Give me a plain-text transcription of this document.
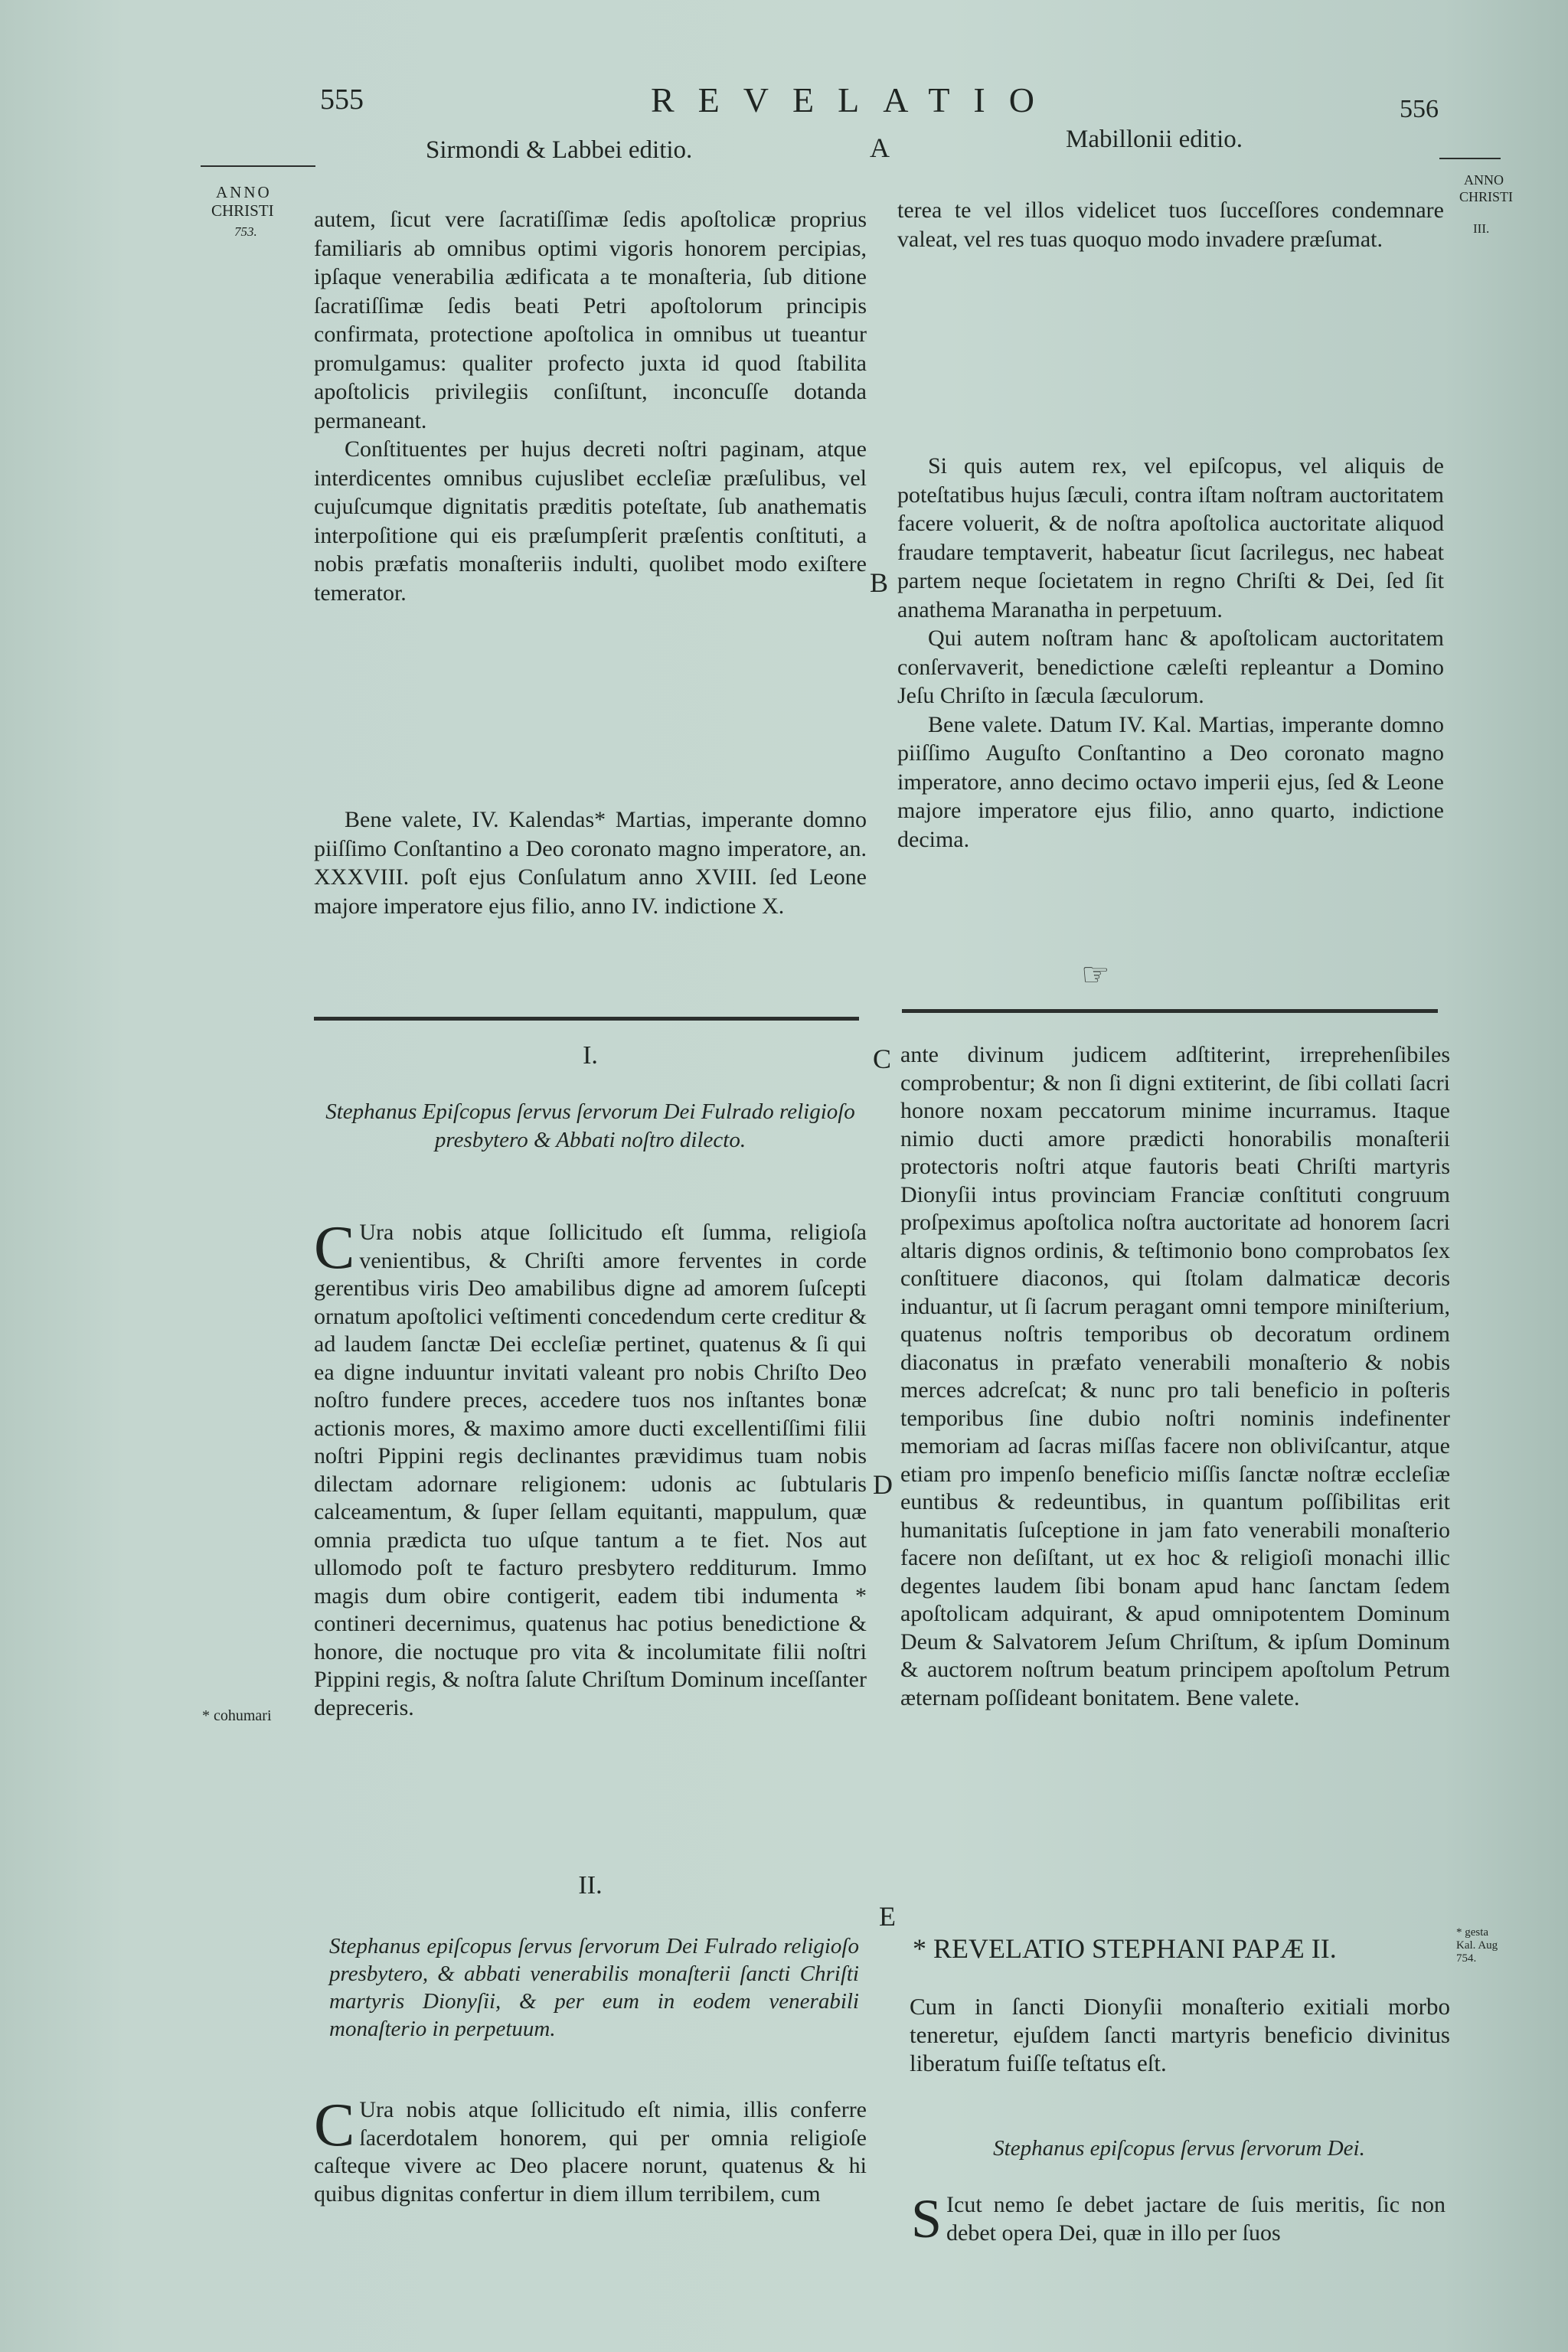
555	REVELATIO	556
Sirmondi & Labbei editio.	A	Mabillonii editio.
ANNO
CHRISTI
753.
ANNO
CHRISTI
III.

autem, ſicut vere ſacratiſſimæ ſedis apoſtolicæ proprius familiaris ab omnibus optimi vigoris honorem percipias, ipſaque venerabilia ædificata a te monaſteria, ſub ditione ſacratiſſimæ ſedis beati Petri apoſtolorum principis confirmata, protectione apoſtolica in omnibus ut tueantur promulgamus: qualiter profecto juxta id quod ſtabilita apoſtolicis privilegiis conſiſtunt, inconcuſſe dotanda permaneant.

Conſtituentes per hujus decreti noſtri paginam, atque interdicentes omnibus cujuslibet eccleſiæ præſulibus, vel cujuſcumque dignitatis præditis poteſtate, ſub anathematis interpoſitione qui eis præſumpſerit præſentis conſtituti, a nobis præfatis monaſteriis indulti, quolibet modo exiſtere temerator.

Bene valete, IV. Kalendas* Martias, imperante domno piiſſimo Conſtantino a Deo coronato magno imperatore, an. XXXVIII. poſt ejus Conſulatum anno XVIII. ſed Leone majore imperatore ejus filio, anno IV. indictione X.

B

terea te vel illos videlicet tuos ſucceſſores condemnare valeat, vel res tuas quoquo modo invadere præſumat.

Si quis autem rex, vel epiſcopus, vel aliquis de poteſtatibus hujus ſæculi, contra iſtam noſtram auctoritatem facere voluerit, & de noſtra apoſtolica auctoritate aliquod fraudare temptaverit, habeatur ſicut ſacrilegus, nec habeat partem neque ſocietatem in regno Chriſti & Dei, ſed ſit anathema Maranatha in perpetuum.

Qui autem noſtram hanc & apoſtolicam auctoritatem conſervaverit, benedictione cæleſti repleantur a Domino Jeſu Chriſto in ſæcula ſæculorum.

Bene valete. Datum IV. Kal. Martias, imperante domno piiſſimo Auguſto Conſtantino a Deo coronato magno imperatore, anno decimo octavo imperii ejus, ſed & Leone majore imperatore ejus filio, anno quarto, indictione decima.

☞
I.
Stephanus Epiſcopus ſervus ſervorum Dei Fulrado religioſo presbytero & Abbati noſtro dilecto.
C Ura nobis atque ſollicitudo eſt ſumma, religioſa venientibus, & Chriſti amore ferventes in corde gerentibus viris Deo amabilibus digne ad amorem ſuſcepti ornatum apoſtolici veſtimenti concedendum certe creditur & ad laudem ſanctæ Dei eccleſiæ pertinet, quatenus & ſi qui ea digne induuntur invitati valeant pro nobis Chriſto Deo noſtro fundere preces, accedere tuos nos inſtantes bonæ actionis mores, & maximo amore ducti excellentiſſimi filii noſtri Pippini regis declinantes prævidimus tuam nobis dilectam adornare religionem: udonis ac ſubtularis calceamentum, & ſuper ſellam equitanti, mappulum, quæ omnia prædicta tuo uſque tantum a te fiet. Nos aut ullomodo poſt te facturo presbytero redditurum. Immo magis dum obire contigerit, eadem tibi indumenta * contineri decernimus, quatenus hac potius benedictione & honore, die noctuque pro vita & incolumitate filii noſtri Pippini regis, & noſtra ſalute Chriſtum Dominum inceſſanter depreceris.
* cohumari
II.
Stephanus epiſcopus ſervus ſervorum Dei Fulrado religioſo presbytero, & abbati venerabilis monaſterii ſancti Chriſti martyris Dionyſii, & per eum in eodem venerabili monaſterio in perpetuum.
C Ura nobis atque ſollicitudo eſt nimia, illis conferre ſacerdotalem honorem, qui per omnia religioſe caſteque vivere ac Deo placere norunt, quatenus & hi quibus dignitas confertur in diem illum terribilem, cum
C ante divinum judicem adſtiterint, irreprehenſibiles comprobentur; & non ſi digni extiterint, de ſibi collati ſacri honore noxam peccatorum minime incurramus. Itaque nimio ducti amore prædicti honorabilis monaſterii protectoris noſtri atque fautoris beati Chriſti martyris Dionyſii intus provinciam Franciæ conſtituti congruum proſpeximus apoſtolica noſtra auctoritate ad honorem ſacri altaris dignos ordinis, & teſtimonio bono comprobatos ſex conſtituere diaconos, qui ſtolam dalmaticæ decoris induantur, ut ſi ſacrum peragant omni tempore miniſterium, quatenus noſtris temporibus ob decoratum ordinem diaconatus in præfato venerabili monaſterio & nobis merces adcreſcat; & nunc pro tali beneficio in poſteris temporibus ſine dubio noſtri nominis indefinenter memoriam ad ſacras miſſas facere non obliviſcantur, atque etiam pro impenſo beneficio miſſis ſanctæ noſtræ eccleſiæ euntibus & redeuntibus, in quantum poſſibilitas erit humanitatis ſuſceptione in jam fato venerabili monaſterio facere non deſiſtant, ut ex hoc & religioſi monachi illic degentes laudem ſibi bonam apud hanc ſanctam ſedem apoſtolicam adquirant, & apud omnipotentem Dominum Deum & Salvatorem Jeſum Chriſtum, & ipſum Dominum & auctorem noſtrum beatum principem apoſtolum Petrum æternam poſſideant bonitatem. Bene valete.
D
E
* REVELATIO STEPHANI PAPÆ II.
Cum in ſancti Dionyſii monaſterio exitiali morbo teneretur, ejuſdem ſancti martyris beneficio divinitus liberatum fuiſſe teſtatus eſt.
Stephanus epiſcopus ſervus ſervorum Dei.
S Icut nemo ſe debet jactare de ſuis meritis, ſic non debet opera Dei, quæ in illo per ſuos
* gesta
Kal. Aug
754.
